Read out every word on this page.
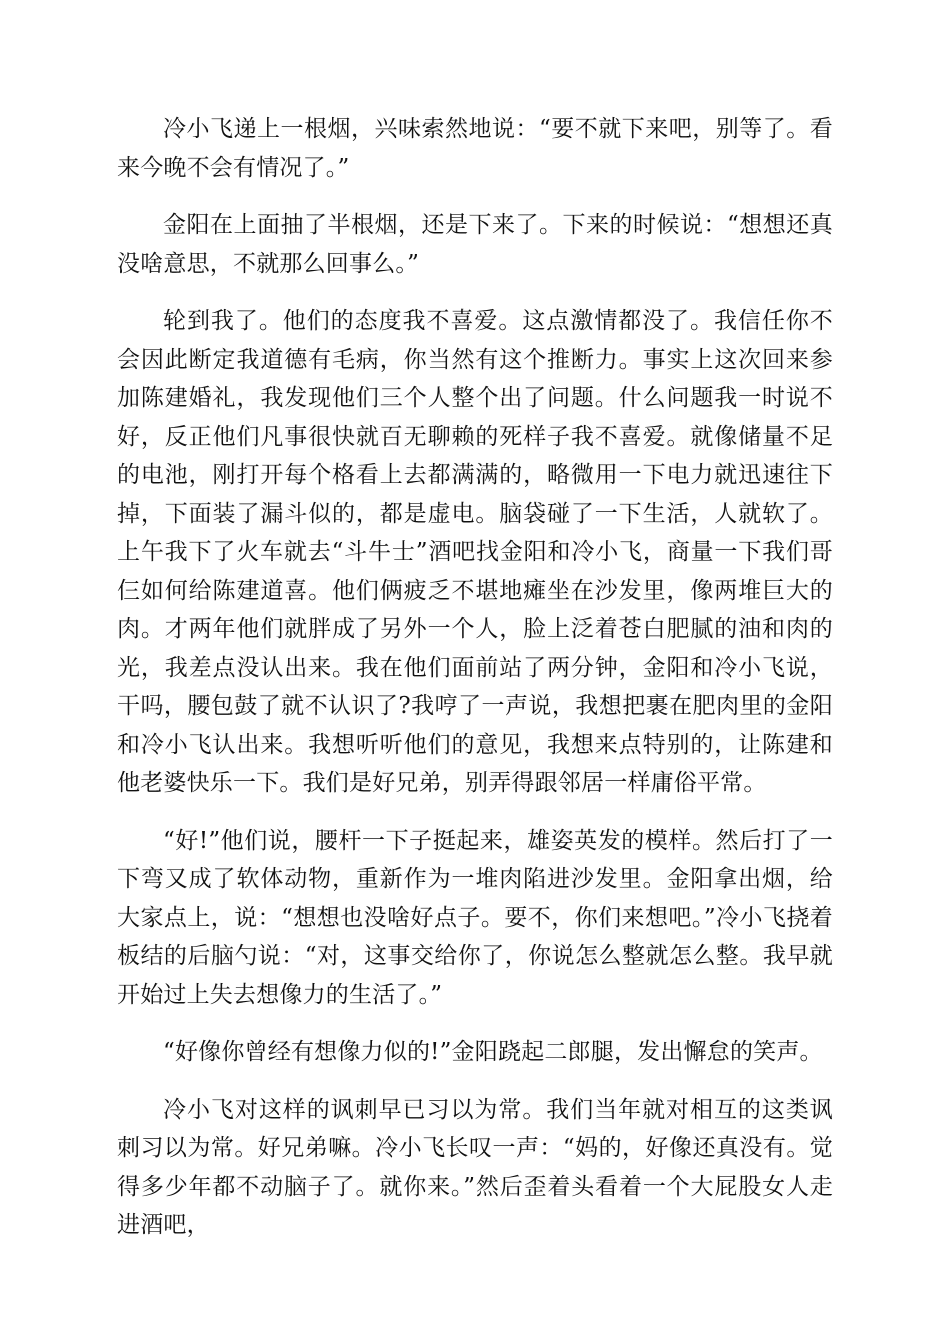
冷小飞递上一根烟，兴味索然地说：“要不就下来吧，别等了。看来今晚不会有情况了。”

金阳在上面抽了半根烟，还是下来了。下来的时候说：“想想还真没啥意思，不就那么回事么。”

轮到我了。他们的态度我不喜爱。这点激情都没了。我信任你不会因此断定我道德有毛病，你当然有这个推断力。事实上这次回来参加陈建婚礼，我发现他们三个人整个出了问题。什么问题我一时说不好，反正他们凡事很快就百无聊赖的死样子我不喜爱。就像储量不足的电池，刚打开每个格看上去都满满的，略微用一下电力就迅速往下掉，下面装了漏斗似的，都是虚电。脑袋碰了一下生活，人就软了。上午我下了火车就去“斗牛士”酒吧找金阳和冷小飞，商量一下我们哥仨如何给陈建道喜。他们俩疲乏不堪地瘫坐在沙发里，像两堆巨大的肉。才两年他们就胖成了另外一个人，脸上泛着苍白肥腻的油和肉的光，我差点没认出来。我在他们面前站了两分钟，金阳和冷小飞说，干吗，腰包鼓了就不认识了?我哼了一声说，我想把裹在肥肉里的金阳和冷小飞认出来。我想听听他们的意见，我想来点特别的，让陈建和他老婆快乐一下。我们是好兄弟，别弄得跟邻居一样庸俗平常。

“好!”他们说，腰杆一下子挺起来，雄姿英发的模样。然后打了一下弯又成了软体动物，重新作为一堆肉陷进沙发里。金阳拿出烟，给大家点上，说：“想想也没啥好点子。要不，你们来想吧。”冷小飞挠着板结的后脑勺说：“对，这事交给你了，你说怎么整就怎么整。我早就开始过上失去想像力的生活了。”

“好像你曾经有想像力似的!”金阳跷起二郎腿，发出懈怠的笑声。

冷小飞对这样的讽刺早已习以为常。我们当年就对相互的这类讽刺习以为常。好兄弟嘛。冷小飞长叹一声：“妈的，好像还真没有。觉得多少年都不动脑子了。就你来。”然后歪着头看着一个大屁股女人走进酒吧，
